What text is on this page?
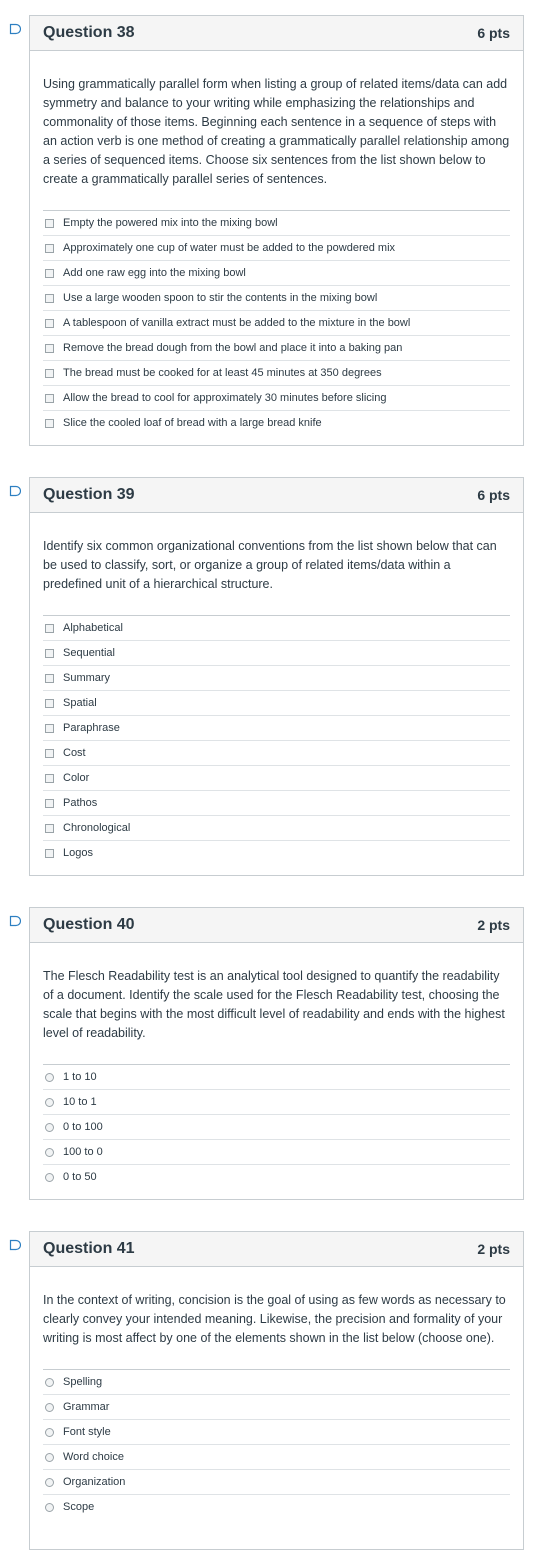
Question 38	6 pts
Using grammatically parallel form when listing a group of related items/data can add symmetry and balance to your writing while emphasizing the relationships and commonality of those items. Beginning each sentence in a sequence of steps with an action verb is one method of creating a grammatically parallel relationship among a series of sequenced items. Choose six sentences from the list shown below to create a grammatically parallel series of sentences.
Empty the powered mix into the mixing bowl
Approximately one cup of water must be added to the powdered mix
Add one raw egg into the mixing bowl
Use a large wooden spoon to stir the contents in the mixing bowl
A tablespoon of vanilla extract must be added to the mixture in the bowl
Remove the bread dough from the bowl and place it into a baking pan
The bread must be cooked for at least 45 minutes at 350 degrees
Allow the bread to cool for approximately 30 minutes before slicing
Slice the cooled loaf of bread with a large bread knife
Question 39	6 pts
Identify six common organizational conventions from the list shown below that can be used to classify, sort, or organize a group of related items/data within a predefined unit of a hierarchical structure.
Alphabetical
Sequential
Summary
Spatial
Paraphrase
Cost
Color
Pathos
Chronological
Logos
Question 40	2 pts
The Flesch Readability test is an analytical tool designed to quantify the readability of a document. Identify the scale used for the Flesch Readability test, choosing the scale that begins with the most difficult level of readability and ends with the highest level of readability.
1 to 10
10 to 1
0 to 100
100 to 0
0 to 50
Question 41	2 pts
In the context of writing, concision is the goal of using as few words as necessary to clearly convey your intended meaning. Likewise, the precision and formality of your writing is most affect by one of the elements shown in the list below (choose one).
Spelling
Grammar
Font style
Word choice
Organization
Scope
